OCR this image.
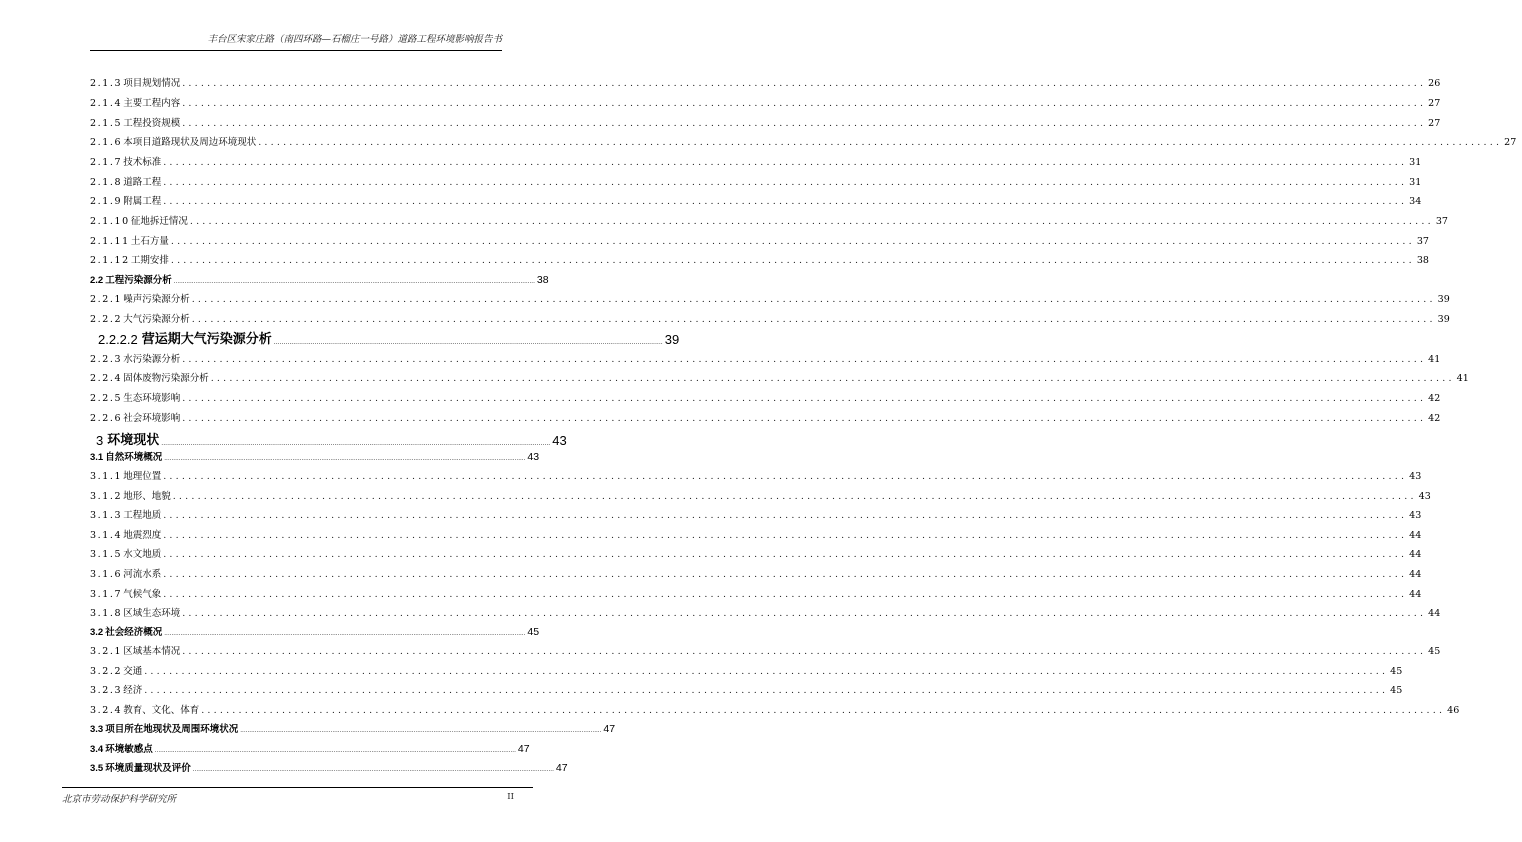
丰台区宋家庄路（南四环路—石榴庄一号路）道路工程环境影响报告书
2.1.3 项目规划情况 ........................................................................................................................................................................................................ 26
2.1.4 主要工程内容 ........................................................................................................................................................................................................ 27
2.1.5 工程投资规模 ........................................................................................................................................................................................................ 27
2.1.6 本项目道路现状及周边环境现状 ........................................................................................................................................................................................................ 27
2.1.7 技术标准 ........................................................................................................................................................................................................ 31
2.1.8 道路工程 ........................................................................................................................................................................................................ 31
2.1.9 附属工程 ........................................................................................................................................................................................................ 34
2.1.10 征地拆迁情况 ........................................................................................................................................................................................................ 37
2.1.11 土石方量 ........................................................................................................................................................................................................ 37
2.1.12 工期安排 ........................................................................................................................................................................................................ 38
2.2 工程污染源分析 ........................................................................................................................................................................................................ 38
2.2.1 噪声污染源分析 ........................................................................................................................................................................................................ 39
2.2.2 大气污染源分析 ........................................................................................................................................................................................................ 39
2.2.2.2 营运期大气污染源分析 ........................................................................................................................................................................................................ 39
2.2.3 水污染源分析 ........................................................................................................................................................................................................ 41
2.2.4 固体废物污染源分析 ........................................................................................................................................................................................................ 41
2.2.5 生态环境影响 ........................................................................................................................................................................................................ 42
2.2.6 社会环境影响 ........................................................................................................................................................................................................ 42
3 环境现状 ........................................................................................................................................................................................................ 43
3.1 自然环境概况 ........................................................................................................................................................................................................ 43
3.1.1 地理位置 ........................................................................................................................................................................................................ 43
3.1.2 地形、地貌 ........................................................................................................................................................................................................ 43
3.1.3 工程地质 ........................................................................................................................................................................................................ 43
3.1.4 地震烈度 ........................................................................................................................................................................................................ 44
3.1.5 水文地质 ........................................................................................................................................................................................................ 44
3.1.6 河流水系 ........................................................................................................................................................................................................ 44
3.1.7 气候气象 ........................................................................................................................................................................................................ 44
3.1.8 区域生态环境 ........................................................................................................................................................................................................ 44
3.2 社会经济概况 ........................................................................................................................................................................................................ 45
3.2.1 区域基本情况 ........................................................................................................................................................................................................ 45
3.2.2 交通 ........................................................................................................................................................................................................ 45
3.2.3 经济 ........................................................................................................................................................................................................ 45
3.2.4 教育、文化、体育 ........................................................................................................................................................................................................ 46
3.3 项目所在地现状及周围环境状况 ........................................................................................................................................................................................................ 47
3.4 环境敏感点 ........................................................................................................................................................................................................ 47
3.5 环境质量现状及评价 ........................................................................................................................................................................................................ 47
北京市劳动保护科学研究所	II
